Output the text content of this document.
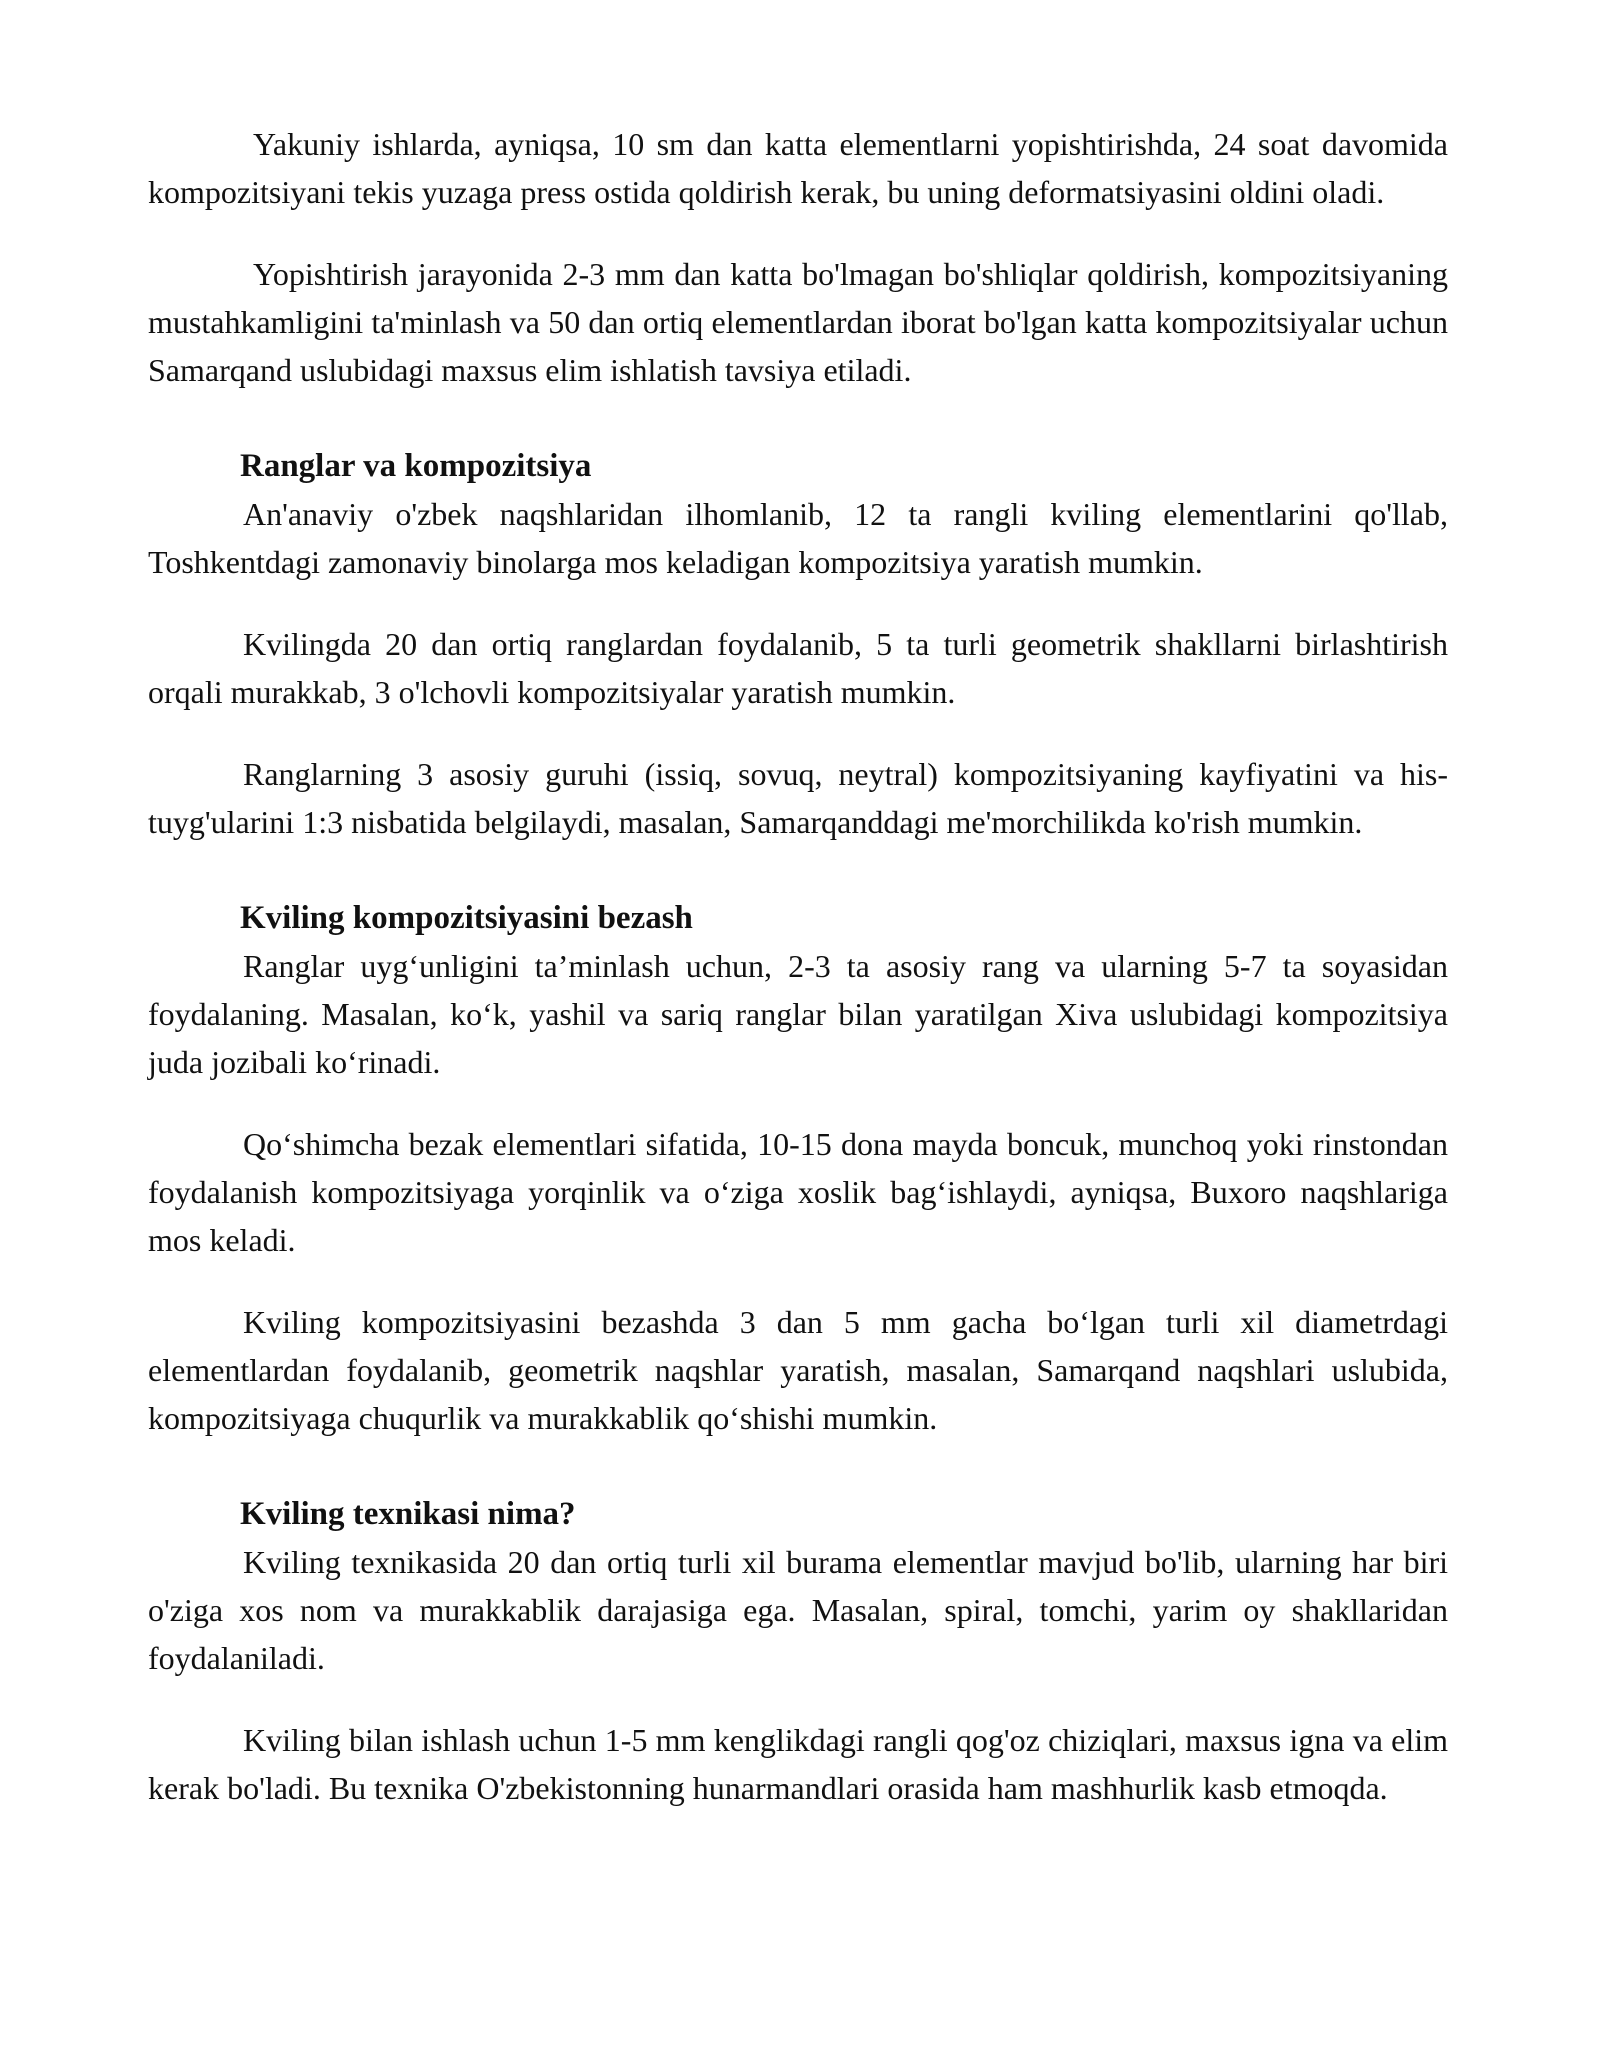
Yakuniy ishlarda, ayniqsa, 10 sm dan katta elementlarni yopishtirishda, 24 soat davomida kompozitsiyani tekis yuzaga press ostida qoldirish kerak, bu uning deformatsiyasini oldini oladi.

Yopishtirish jarayonida 2-3 mm dan katta bo'lmagan bo'shliqlar qoldirish, kompozitsiyaning mustahkamligini ta'minlash va 50 dan ortiq elementlardan iborat bo'lgan katta kompozitsiyalar uchun Samarqand uslubidagi maxsus elim ishlatish tavsiya etiladi.

Ranglar va kompozitsiya

An'anaviy o'zbek naqshlaridan ilhomlanib, 12 ta rangli kviling elementlarini qo'llab, Toshkentdagi zamonaviy binolarga mos keladigan kompozitsiya yaratish mumkin.

Kvilingda 20 dan ortiq ranglardan foydalanib, 5 ta turli geometrik shakllarni birlashtirish orqali murakkab, 3 o'lchovli kompozitsiyalar yaratish mumkin.

Ranglarning 3 asosiy guruhi (issiq, sovuq, neytral) kompozitsiyaning kayfiyatini va his-tuyg'ularini 1:3 nisbatida belgilaydi, masalan, Samarqanddagi me'morchilikda ko'rish mumkin.

Kviling kompozitsiyasini bezash

Ranglar uygʻunligini taʼminlash uchun, 2-3 ta asosiy rang va ularning 5-7 ta soyasidan foydalaning. Masalan, koʻk, yashil va sariq ranglar bilan yaratilgan Xiva uslubidagi kompozitsiya juda jozibali koʻrinadi.

Qoʻshimcha bezak elementlari sifatida, 10-15 dona mayda boncuk, munchoq yoki rinstondan foydalanish kompozitsiyaga yorqinlik va oʻziga xoslik bagʻishlaydi, ayniqsa, Buxoro naqshlariga mos keladi.

Kviling kompozitsiyasini bezashda 3 dan 5 mm gacha boʻlgan turli xil diametrdagi elementlardan foydalanib, geometrik naqshlar yaratish, masalan, Samarqand naqshlari uslubida, kompozitsiyaga chuqurlik va murakkablik qoʻshishi mumkin.

Kviling texnikasi nima?

Kviling texnikasida 20 dan ortiq turli xil burama elementlar mavjud bo'lib, ularning har biri o'ziga xos nom va murakkablik darajasiga ega. Masalan, spiral, tomchi, yarim oy shakllaridan foydalaniladi.

Kviling bilan ishlash uchun 1-5 mm kenglikdagi rangli qog'oz chiziqlari, maxsus igna va elim kerak bo'ladi. Bu texnika O'zbekistonning hunarmandlari orasida ham mashhurlik kasb etmoqda.
